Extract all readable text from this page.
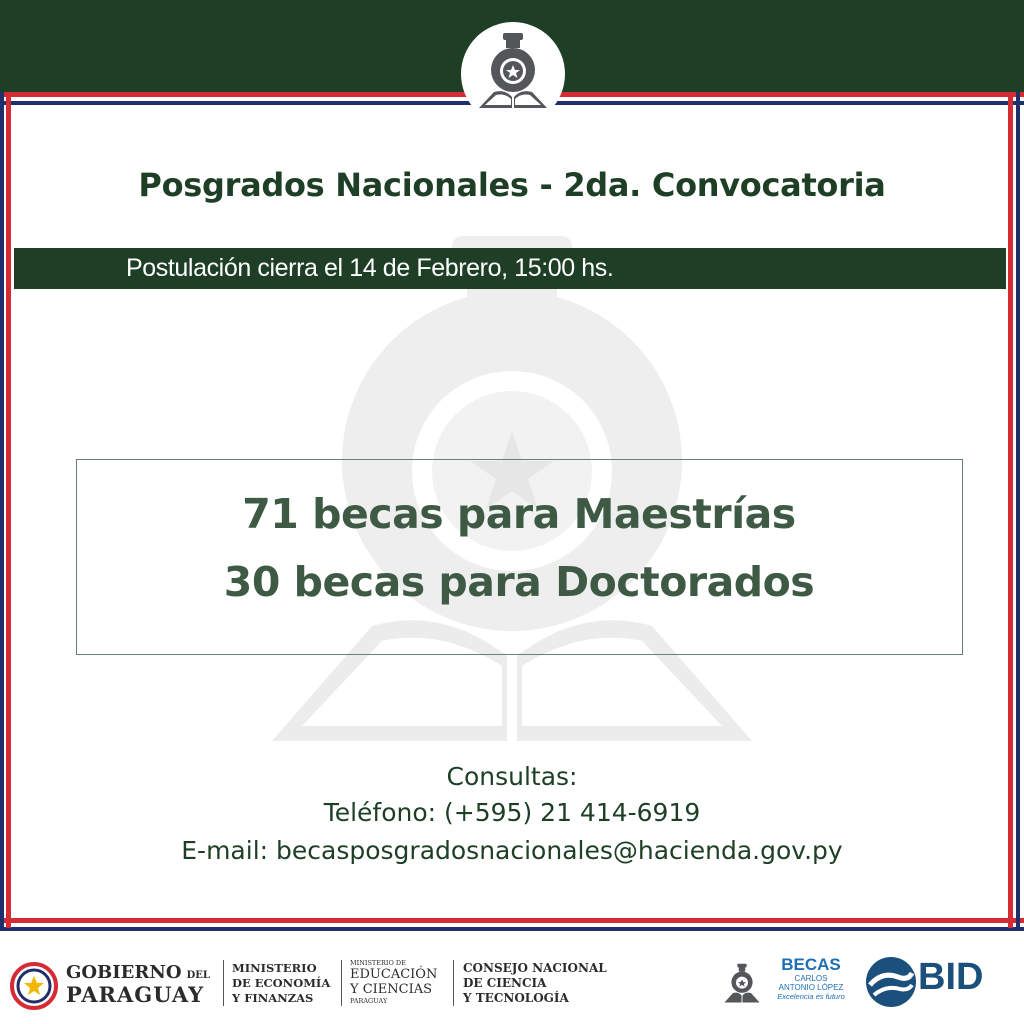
Posgrados Nacionales - 2da. Convocatoria
Postulación cierra el 14 de Febrero, 15:00 hs.
71 becas para Maestrías
30 becas para Doctorados
Consultas:
Teléfono: (+595) 21 414-6919
E-mail: becasposgradosnacionales@hacienda.gov.py
GOBIERNO DEL
PARAGUAY
MINISTERIO
DE ECONOMÍA
Y FINANZAS
MINISTERIO DE
EDUCACIÓN
Y CIENCIAS
PARAGUAY
CONSEJO NACIONAL
DE CIENCIA
Y TECNOLOGÍA
BECAS
CARLOS
ANTONIO LÓPEZ
Excelencia es futuro BID
